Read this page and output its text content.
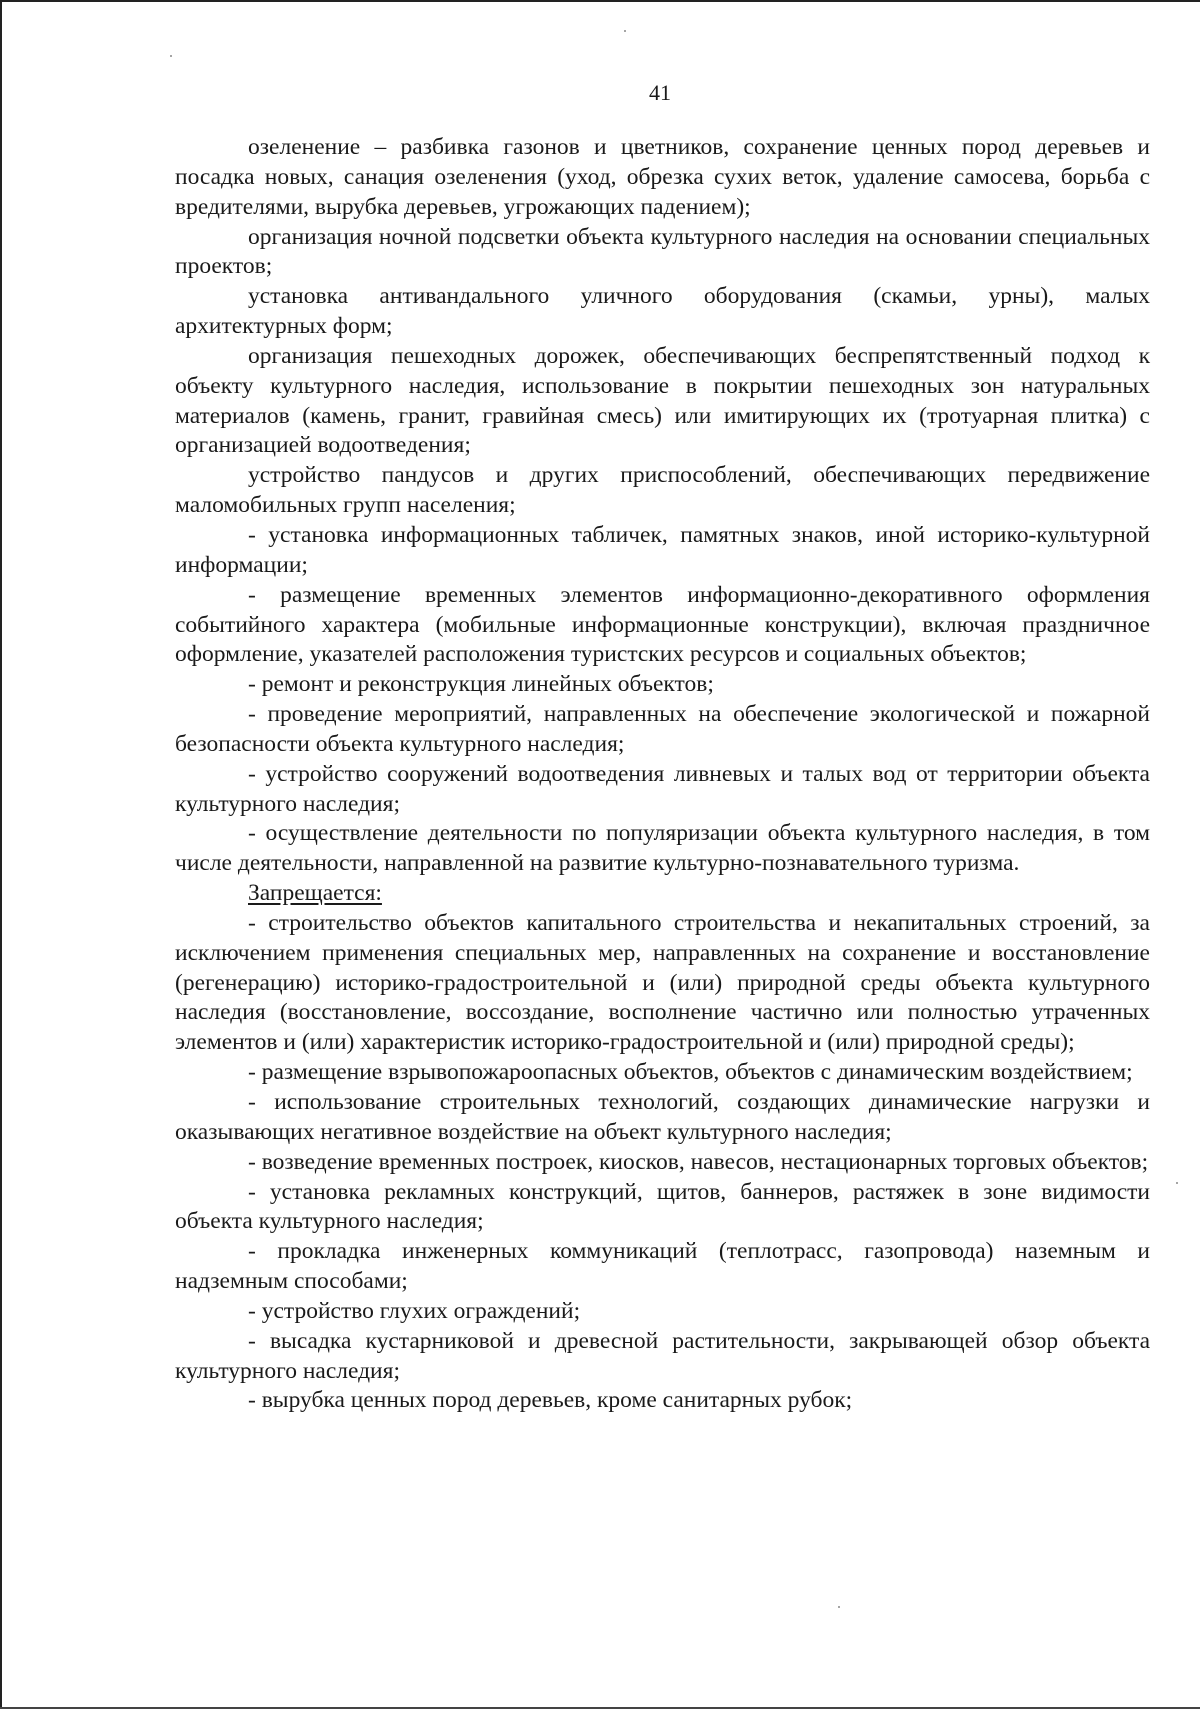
41

озеленение – разбивка газонов и цветников, сохранение ценных пород деревьев и посадка новых, санация озеленения (уход, обрезка сухих веток, удаление самосева, борьба с вредителями, вырубка деревьев, угрожающих падением);

организация ночной подсветки объекта культурного наследия на основании специальных проектов;

установка антивандального уличного оборудования (скамьи, урны), малых архитектурных форм;

организация пешеходных дорожек, обеспечивающих беспрепятственный подход к объекту культурного наследия, использование в покрытии пешеходных зон натуральных материалов (камень, гранит, гравийная смесь) или имитирующих их (тротуарная плитка) с организацией водоотведения;

устройство пандусов и других приспособлений, обеспечивающих передвижение маломобильных групп населения;

- установка информационных табличек, памятных знаков, иной историко-культурной информации;

- размещение временных элементов информационно-декоративного оформления событийного характера (мобильные информационные конструкции), включая праздничное оформление, указателей расположения туристских ресурсов и социальных объектов;

- ремонт и реконструкция линейных объектов;

- проведение мероприятий, направленных на обеспечение экологической и пожарной безопасности объекта культурного наследия;

- устройство сооружений водоотведения ливневых и талых вод от территории объекта культурного наследия;

- осуществление деятельности по популяризации объекта культурного наследия, в том числе деятельности, направленной на развитие культурно-познавательного туризма.

Запрещается:

- строительство объектов капитального строительства и некапитальных строений, за исключением применения специальных мер, направленных на сохранение и восстановление (регенерацию) историко-градостроительной и (или) природной среды объекта культурного наследия (восстановление, воссоздание, восполнение частично или полностью утраченных элементов и (или) характеристик историко-градостроительной и (или) природной среды);

- размещение взрывопожароопасных объектов, объектов с динамическим воздействием;

- использование строительных технологий, создающих динамические нагрузки и оказывающих негативное воздействие на объект культурного наследия;

- возведение временных построек, киосков, навесов, нестационарных торговых объектов;

- установка рекламных конструкций, щитов, баннеров, растяжек в зоне видимости объекта культурного наследия;

- прокладка инженерных коммуникаций (теплотрасс, газопровода) наземным и надземным способами;

- устройство глухих ограждений;

- высадка кустарниковой и древесной растительности, закрывающей обзор объекта культурного наследия;

- вырубка ценных пород деревьев, кроме санитарных рубок;
